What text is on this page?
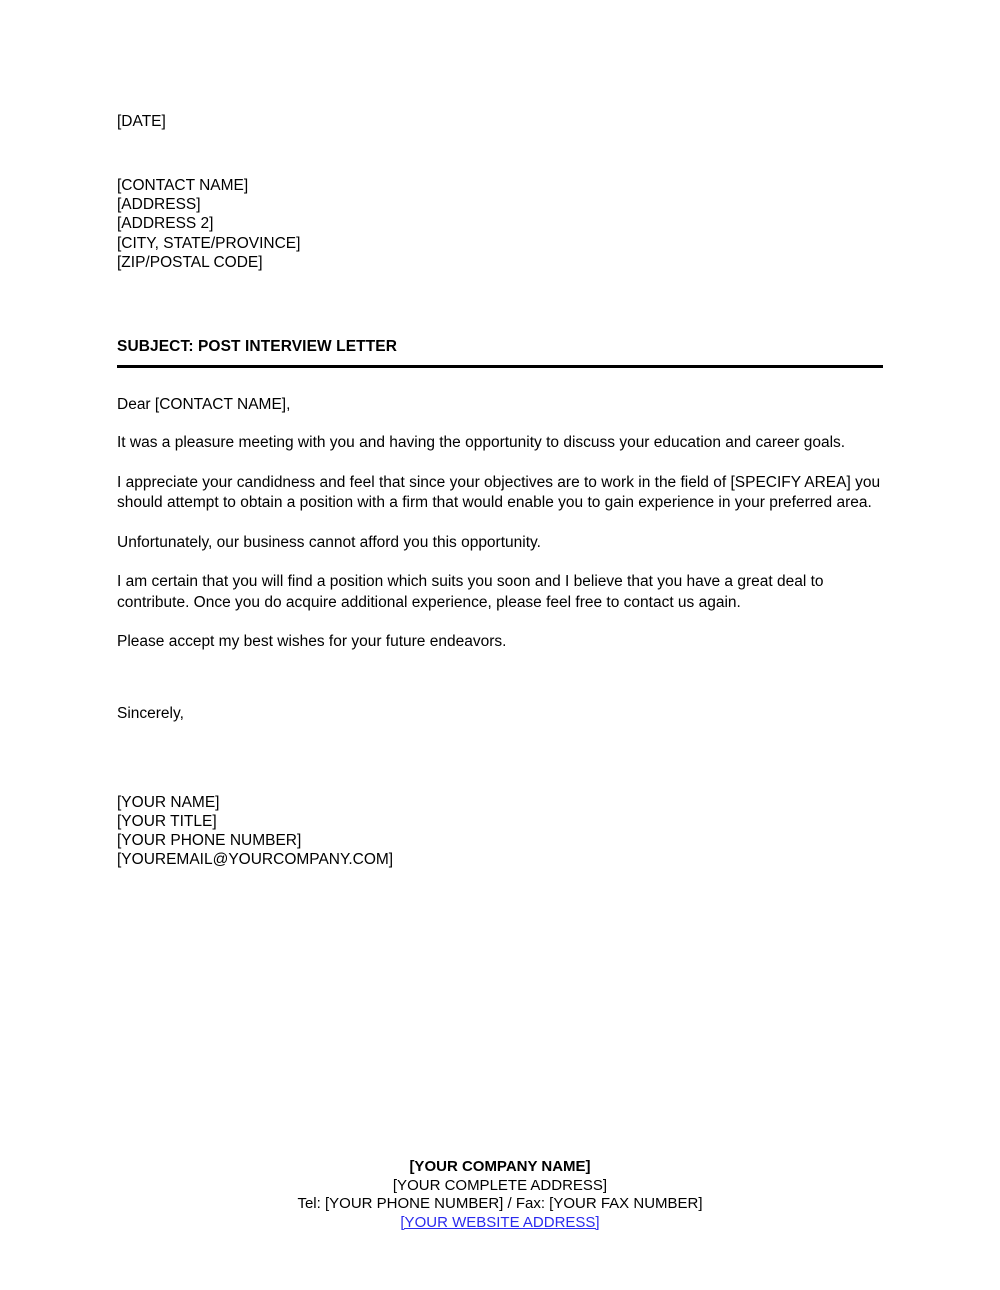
[DATE]
[CONTACT NAME]
[ADDRESS]
[ADDRESS 2]
[CITY, STATE/PROVINCE]
[ZIP/POSTAL CODE]
SUBJECT: POST INTERVIEW LETTER
Dear [CONTACT NAME],
It was a pleasure meeting with you and having the opportunity to discuss your education and career goals.
I appreciate your candidness and feel that since your objectives are to work in the field of [SPECIFY AREA] you should attempt to obtain a position with a firm that would enable you to gain experience in your preferred area.
Unfortunately, our business cannot afford you this opportunity.
I am certain that you will find a position which suits you soon and I believe that you have a great deal to contribute. Once you do acquire additional experience, please feel free to contact us again.
Please accept my best wishes for your future endeavors.
Sincerely,
[YOUR NAME]
[YOUR TITLE]
[YOUR PHONE NUMBER]
[YOUREMAIL@YOURCOMPANY.COM]
[YOUR COMPANY NAME]
[YOUR COMPLETE ADDRESS]
Tel: [YOUR PHONE NUMBER] / Fax: [YOUR FAX NUMBER]
[YOUR WEBSITE ADDRESS]
